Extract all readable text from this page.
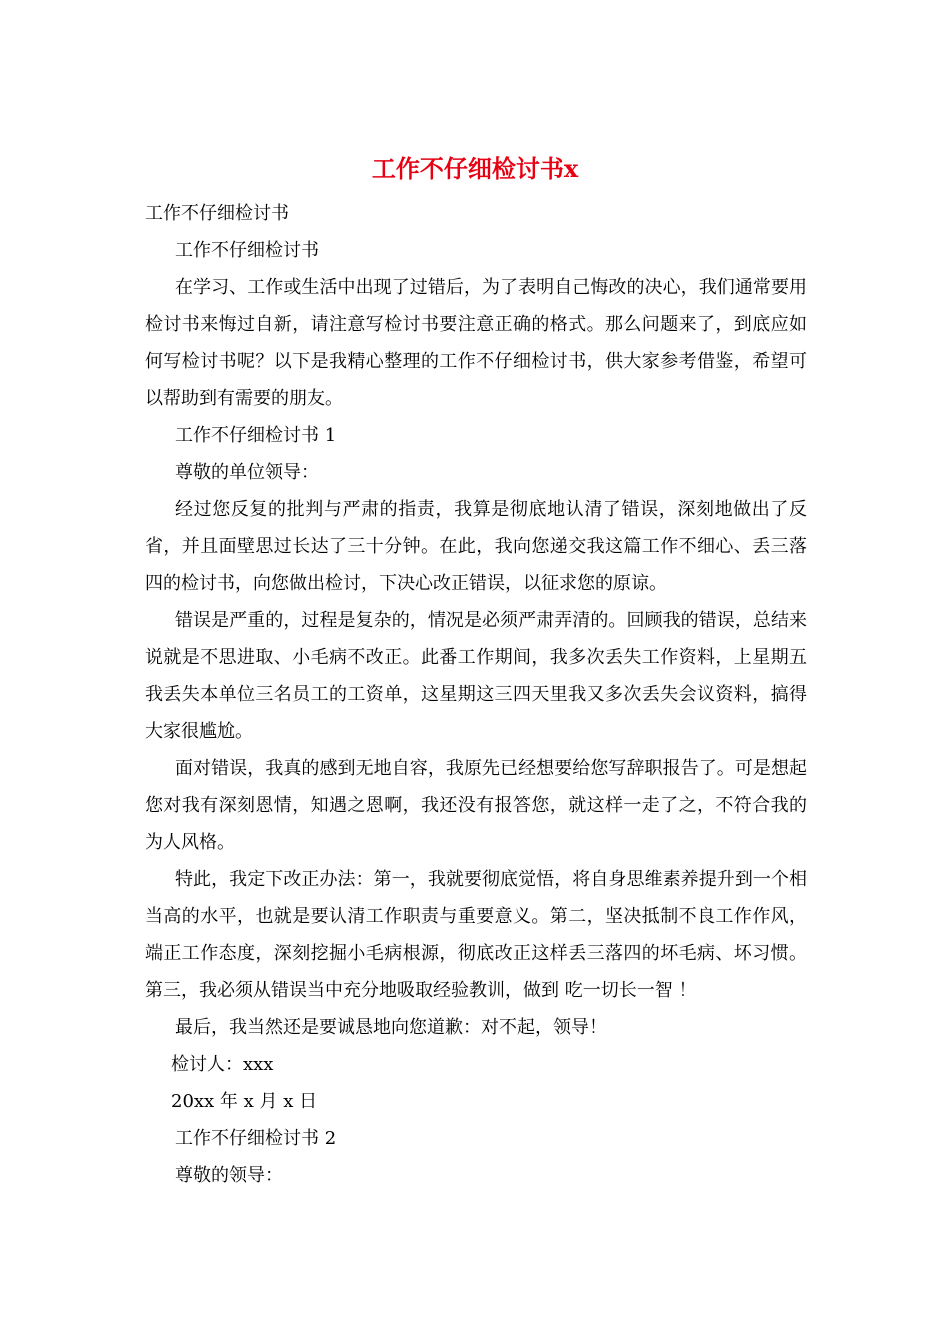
工作不仔细检讨书x

工作不仔细检讨书

工作不仔细检讨书

在学习、工作或生活中出现了过错后，为了表明自己悔改的决心，我们通常要用检讨书来悔过自新，请注意写检讨书要注意正确的格式。那么问题来了，到底应如何写检讨书呢？以下是我精心整理的工作不仔细检讨书，供大家参考借鉴，希望可以帮助到有需要的朋友。

工作不仔细检讨书 1

尊敬的单位领导：

经过您反复的批判与严肃的指责，我算是彻底地认清了错误，深刻地做出了反省，并且面壁思过长达了三十分钟。在此，我向您递交我这篇工作不细心、丢三落四的检讨书，向您做出检讨，下决心改正错误，以征求您的原谅。

错误是严重的，过程是复杂的，情况是必须严肃弄清的。回顾我的错误，总结来说就是不思进取、小毛病不改正。此番工作期间，我多次丢失工作资料，上星期五我丢失本单位三名员工的工资单，这星期这三四天里我又多次丢失会议资料，搞得大家很尴尬。

面对错误，我真的感到无地自容，我原先已经想要给您写辞职报告了。可是想起您对我有深刻恩情，知遇之恩啊，我还没有报答您，就这样一走了之，不符合我的为人风格。

特此，我定下改正办法：第一，我就要彻底觉悟，将自身思维素养提升到一个相当高的水平，也就是要认清工作职责与重要意义。第二，坚决抵制不良工作作风，端正工作态度，深刻挖掘小毛病根源，彻底改正这样丢三落四的坏毛病、坏习惯。第三，我必须从错误当中充分地吸取经验教训，做到 吃一切长一智 ！

最后，我当然还是要诚恳地向您道歉：对不起，领导！

检讨人：xxx

20xx 年 x 月 x 日

工作不仔细检讨书 2

尊敬的领导：
